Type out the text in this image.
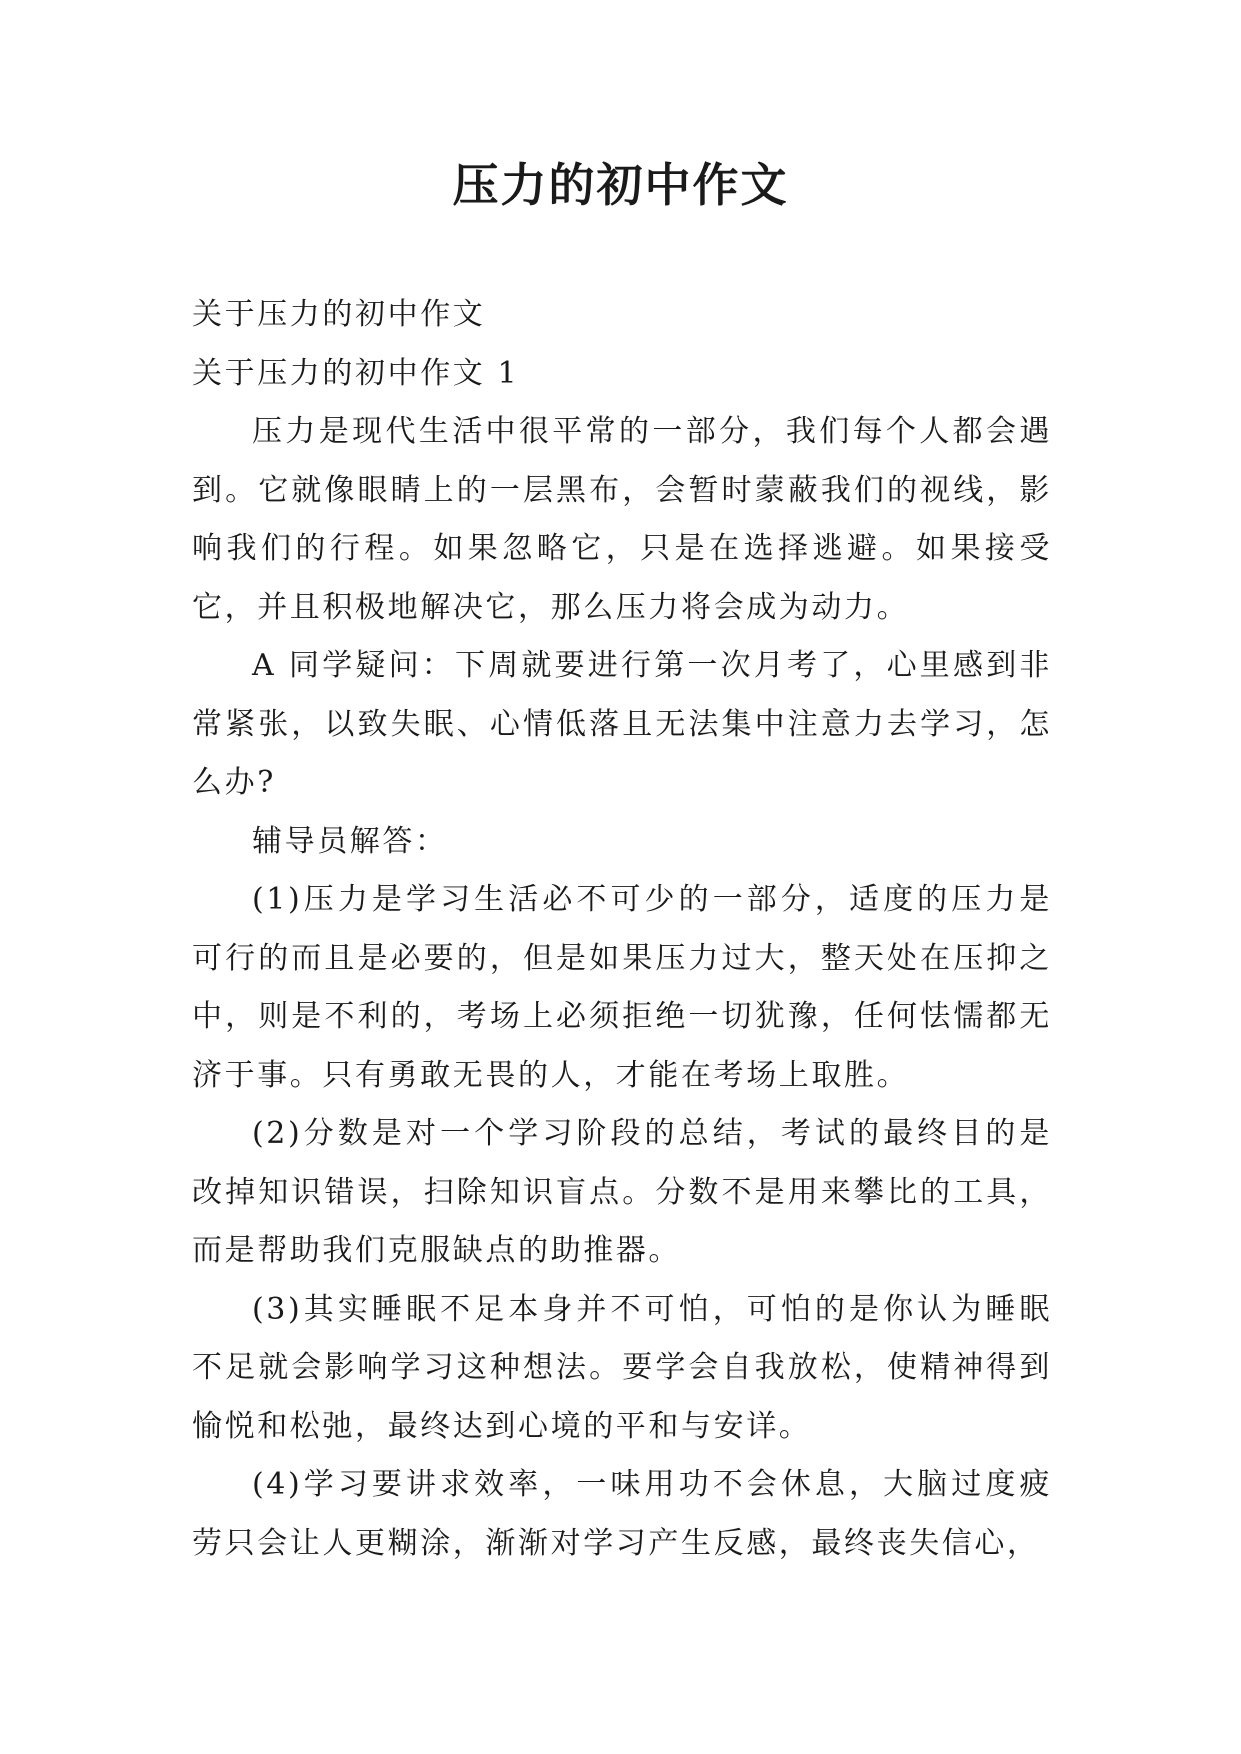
压力的初中作文

关于压力的初中作文

关于压力的初中作文 1

压力是现代生活中很平常的一部分，我们每个人都会遇到。它就像眼睛上的一层黑布，会暂时蒙蔽我们的视线，影响我们的行程。如果忽略它，只是在选择逃避。如果接受它，并且积极地解决它，那么压力将会成为动力。

A 同学疑问：下周就要进行第一次月考了，心里感到非常紧张，以致失眠、心情低落且无法集中注意力去学习，怎么办?

辅导员解答：

(1)压力是学习生活必不可少的一部分，适度的压力是可行的而且是必要的，但是如果压力过大，整天处在压抑之中，则是不利的，考场上必须拒绝一切犹豫，任何怯懦都无济于事。只有勇敢无畏的人，才能在考场上取胜。

(2)分数是对一个学习阶段的总结，考试的最终目的是改掉知识错误，扫除知识盲点。分数不是用来攀比的工具，而是帮助我们克服缺点的助推器。

(3)其实睡眠不足本身并不可怕，可怕的是你认为睡眠不足就会影响学习这种想法。要学会自我放松，使精神得到愉悦和松弛，最终达到心境的平和与安详。

(4)学习要讲求效率，一味用功不会休息，大脑过度疲劳只会让人更糊涂，渐渐对学习产生反感，最终丧失信心，
